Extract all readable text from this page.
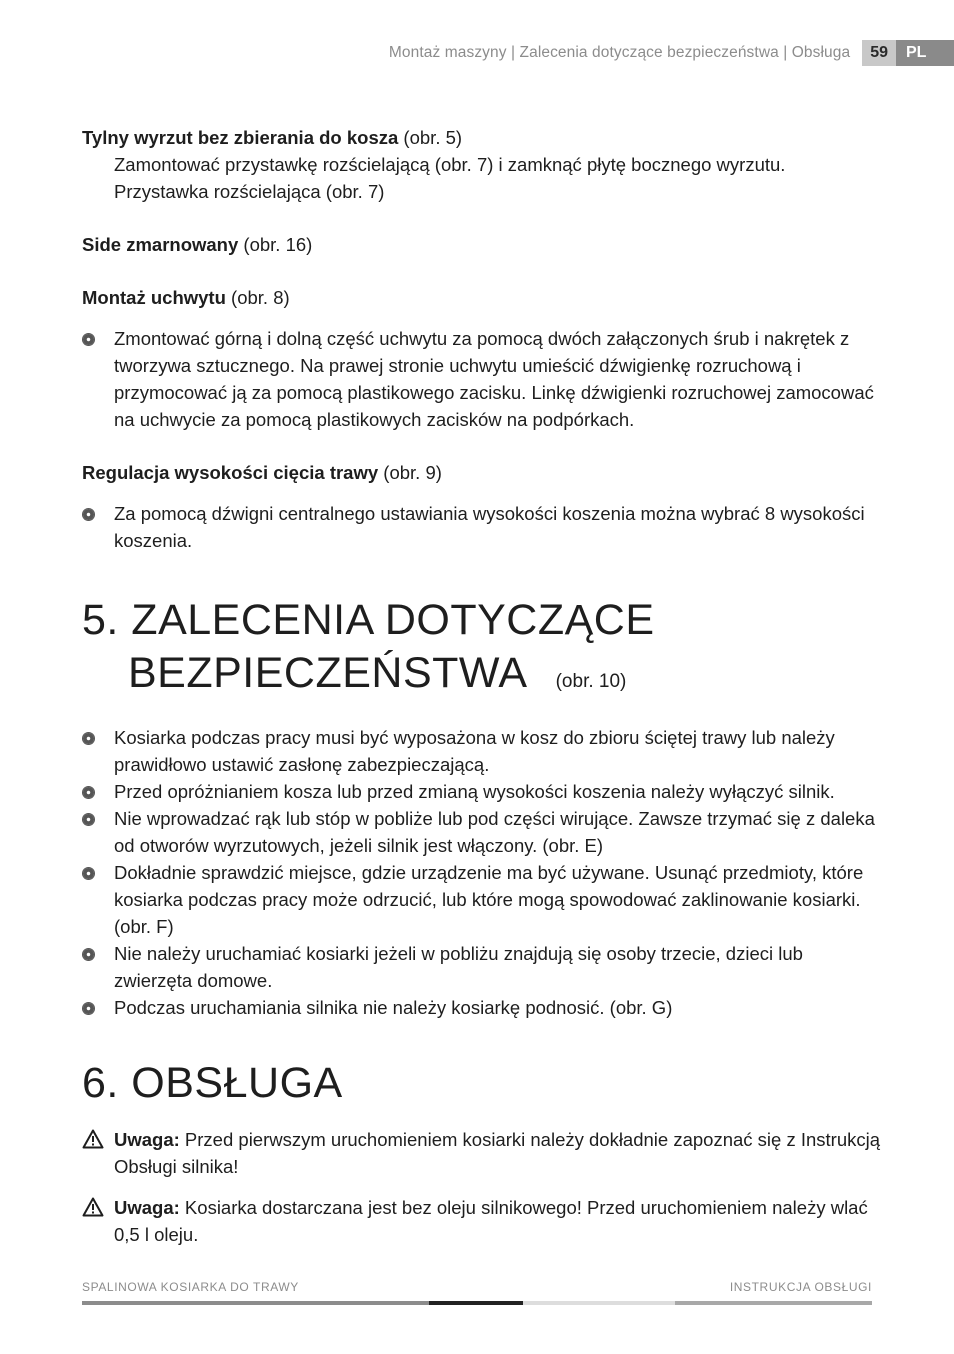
Montaż maszyny | Zalecenia dotyczące bezpieczeństwa | Obsługa	59	PL
Tylny wyrzut bez zbierania do kosza (obr. 5)
Zamontować przystawkę rozścielającą (obr. 7) i zamknąć płytę bocznego wyrzutu.
Przystawka rozścielająca (obr. 7)
Side zmarnowany (obr. 16)
Montaż uchwytu (obr. 8)
Zmontować górną i dolną część uchwytu za pomocą dwóch załączonych śrub i nakrętek z tworzywa sztucznego. Na prawej stronie uchwytu umieścić dźwigienkę rozruchową i przymocować ją za pomocą plastikowego zacisku. Linkę dźwigienki rozruchowej zamocować na uchwycie za pomocą plastikowych zacisków na podpórkach.
Regulacja wysokości cięcia trawy (obr. 9)
Za pomocą dźwigni centralnego ustawiania wysokości koszenia można wybrać 8 wysokości koszenia.
5. ZALECENIA DOTYCZĄCE
BEZPIECZEŃSTWA (obr. 10)
Kosiarka podczas pracy musi być wyposażona w kosz do zbioru ściętej trawy lub należy prawidłowo ustawić zasłonę zabezpieczającą.
Przed opróżnianiem kosza lub przed zmianą wysokości koszenia należy wyłączyć silnik.
Nie wprowadzać rąk lub stóp w pobliże lub pod części wirujące. Zawsze trzymać się z daleka od otworów wyrzutowych, jeżeli silnik jest włączony. (obr. E)
Dokładnie sprawdzić miejsce, gdzie urządzenie ma być używane. Usunąć przedmioty, które kosiarka podczas pracy może odrzucić, lub które mogą spowodować zaklinowanie kosiarki. (obr. F)
Nie należy uruchamiać kosiarki jeżeli w pobliżu znajdują się osoby trzecie, dzieci lub zwierzęta domowe.
Podczas uruchamiania silnika nie należy kosiarkę podnosić. (obr. G)
6. OBSŁUGA
Uwaga: Przed pierwszym uruchomieniem kosiarki należy dokładnie zapoznać się z Instrukcją Obsługi silnika!
Uwaga: Kosiarka dostarczana jest bez oleju silnikowego! Przed uruchomieniem należy wlać 0,5 l oleju.
SPALINOWA KOSIARKA DO TRAWY	INSTRUKCJA OBSŁUGI
